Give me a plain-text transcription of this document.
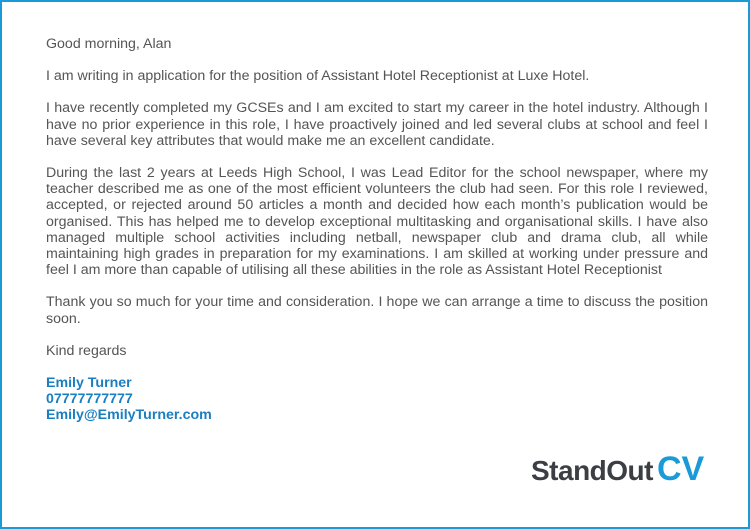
Good morning, Alan

I am writing in application for the position of Assistant Hotel Receptionist at Luxe Hotel.

I have recently completed my GCSEs and I am excited to start my career in the hotel industry. Although I have no prior experience in this role, I have proactively joined and led several clubs at school and feel I have several key attributes that would make me an excellent candidate.

During the last 2 years at Leeds High School, I was Lead Editor for the school newspaper, where my teacher described me as one of the most efficient volunteers the club had seen. For this role I reviewed, accepted, or rejected around 50 articles a month and decided how each month’s publication would be organised. This has helped me to develop exceptional multitasking and organisational skills. I have also managed multiple school activities including netball, newspaper club and drama club, all while maintaining high grades in preparation for my examinations. I am skilled at working under pressure and feel I am more than capable of utilising all these abilities in the role as Assistant Hotel Receptionist

Thank you so much for your time and consideration. I hope we can arrange a time to discuss the position soon.

Kind regards

Emily Turner
07777777777
Emily@EmilyTurner.com
StandOut CV
